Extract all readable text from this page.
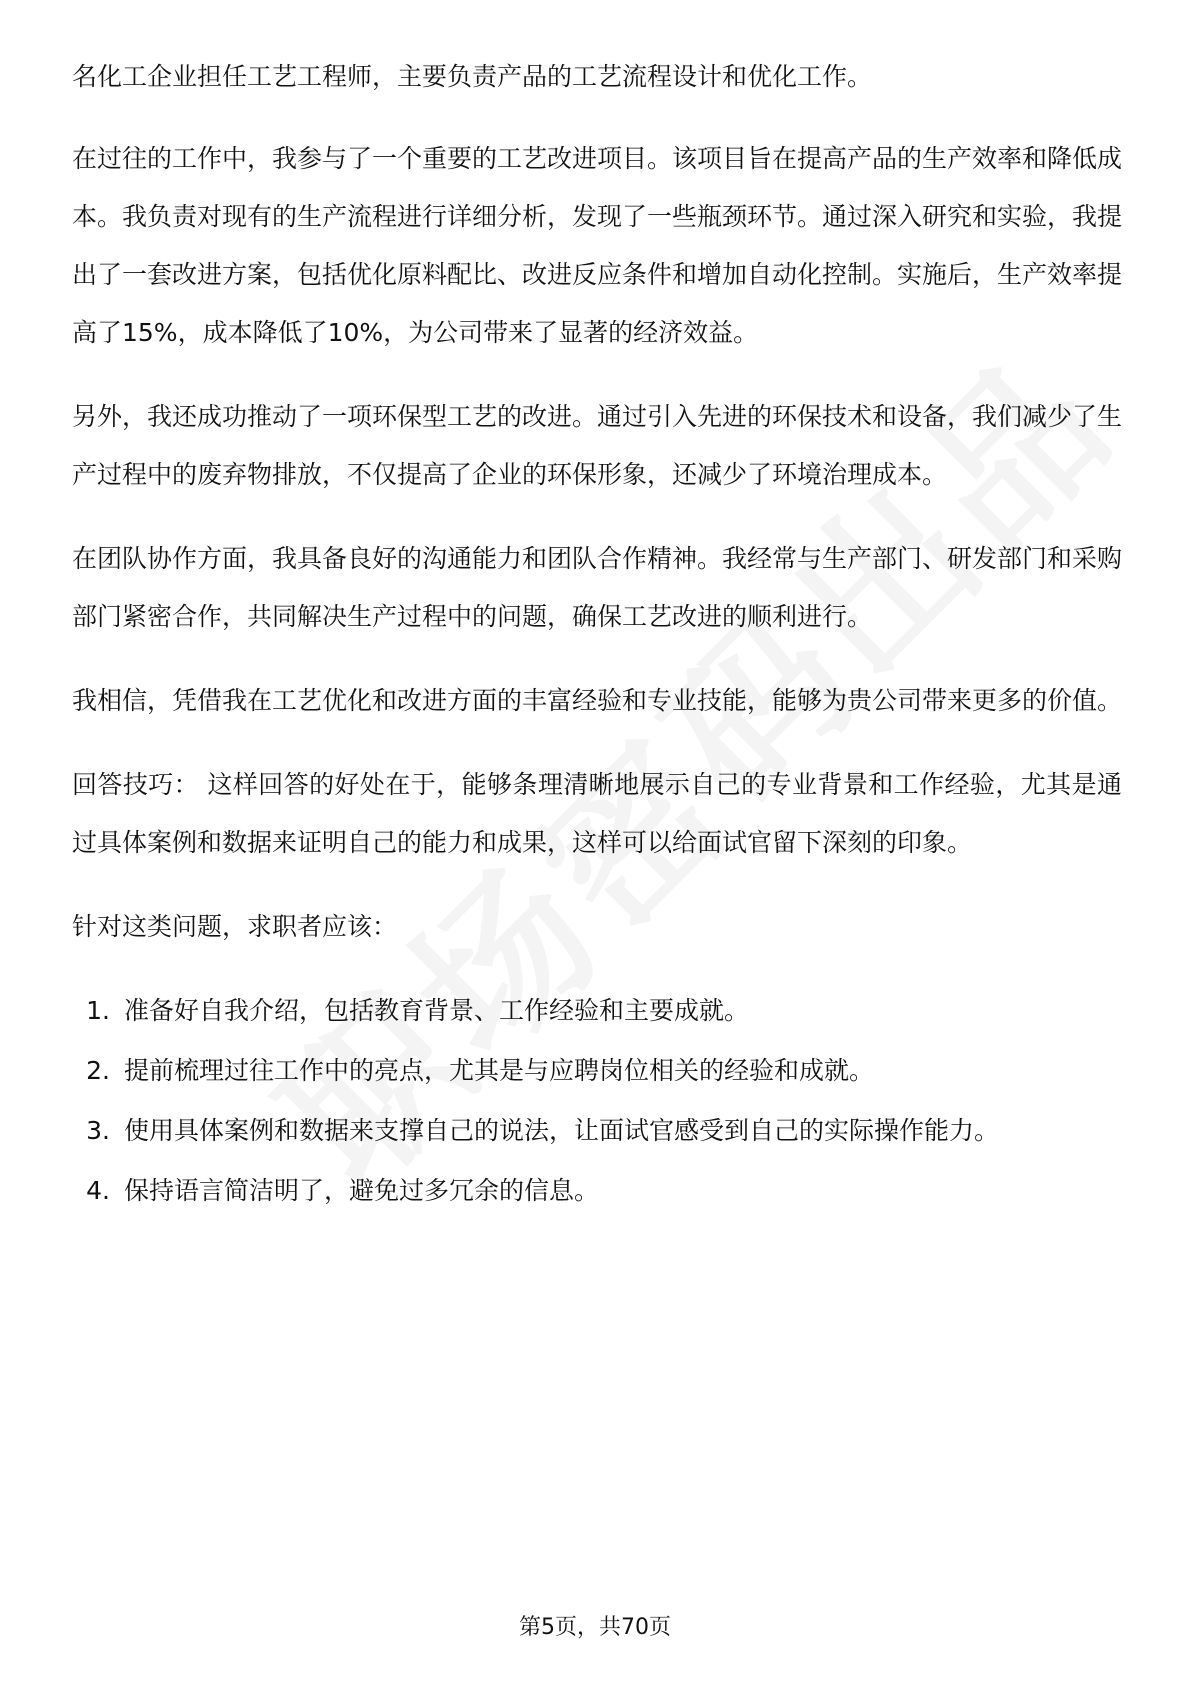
名化工企业担任工艺工程师，主要负责产品的工艺流程设计和优化工作。

在过往的工作中，我参与了一个重要的工艺改进项目。该项目旨在提高产品的生产效率和降低成本。我负责对现有的生产流程进行详细分析，发现了一些瓶颈环节。通过深入研究和实验，我提出了一套改进方案，包括优化原料配比、改进反应条件和增加自动化控制。实施后，生产效率提高了15%，成本降低了10%，为公司带来了显著的经济效益。

另外，我还成功推动了一项环保型工艺的改进。通过引入先进的环保技术和设备，我们减少了生产过程中的废弃物排放，不仅提高了企业的环保形象，还减少了环境治理成本。

在团队协作方面，我具备良好的沟通能力和团队合作精神。我经常与生产部门、研发部门和采购部门紧密合作，共同解决生产过程中的问题，确保工艺改进的顺利进行。

我相信，凭借我在工艺优化和改进方面的丰富经验和专业技能，能够为贵公司带来更多的价值。

回答技巧： 这样回答的好处在于，能够条理清晰地展示自己的专业背景和工作经验，尤其是通过具体案例和数据来证明自己的能力和成果，这样可以给面试官留下深刻的印象。

针对这类问题，求职者应该：

1. 准备好自我介绍，包括教育背景、工作经验和主要成就。
2. 提前梳理过往工作中的亮点，尤其是与应聘岗位相关的经验和成就。
3. 使用具体案例和数据来支撑自己的说法，让面试官感受到自己的实际操作能力。
4. 保持语言简洁明了，避免过多冗余的信息。
第5页，共70页
